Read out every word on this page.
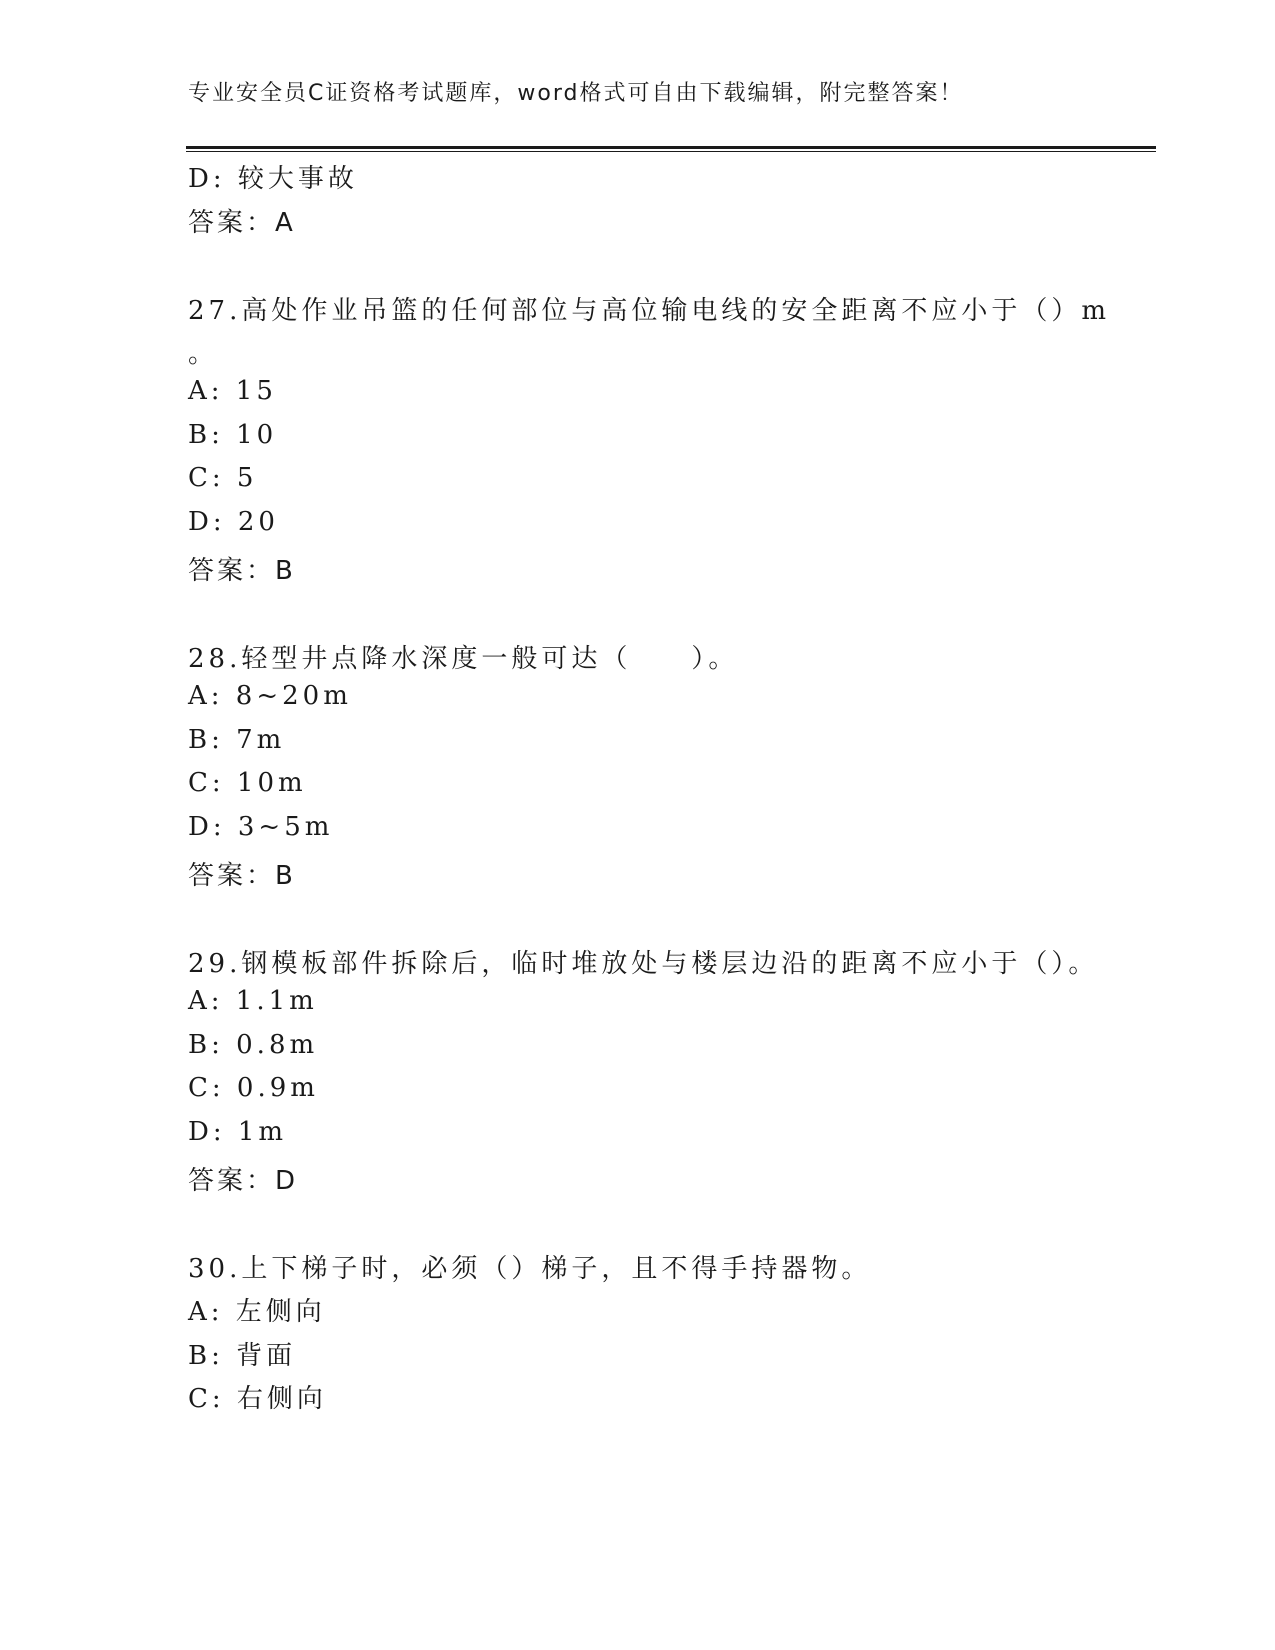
专业安全员C证资格考试题库，word格式可自由下载编辑，附完整答案！
D: 较大事故
答案：A
27.高处作业吊篮的任何部位与高位输电线的安全距离不应小于（）m
。
A: 15
B: 10
C: 5
D: 20
答案：B
28.轻型井点降水深度一般可达（　　）。
A: 8~20m
B: 7m
C: 10m
D: 3~5m
答案：B
29.钢模板部件拆除后，临时堆放处与楼层边沿的距离不应小于（）。
A: 1.1m
B: 0.8m
C: 0.9m
D: 1m
答案：D
30.上下梯子时，必须（）梯子，且不得手持器物。
A: 左侧向
B: 背面
C: 右侧向
